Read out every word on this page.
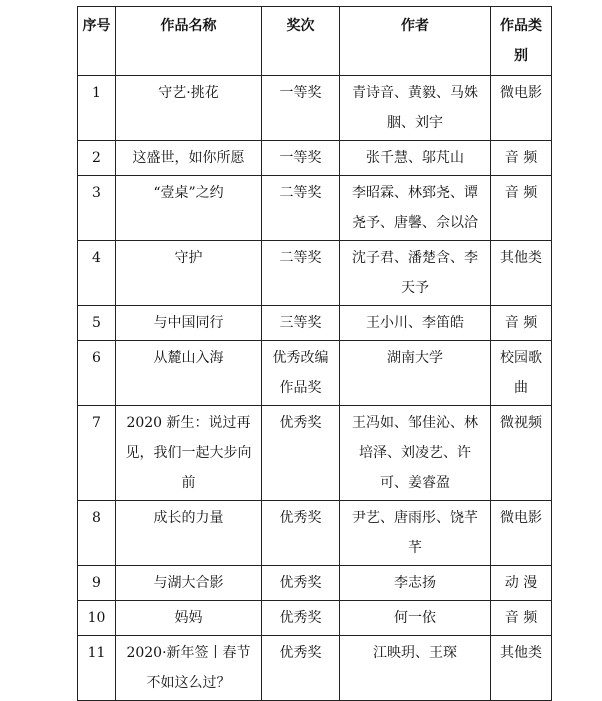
序号	作品名称	奖次	作者	作品类别

1	守艺·挑花	一等奖	青诗音、黄毅、马姝胭、刘宇	微电影

2	这盛世，如你所愿	一等奖	张千慧、邬芃山	音 频

3	“壹桌”之约	二等奖	李昭霖、林郅尧、谭尧予、唐馨、佘以洽	音 频

4	守护	二等奖	沈子君、潘楚含、李天予	其他类

5	与中国同行	三等奖	王小川、李笛皓	音 频

6	从麓山入海	优秀改编作品奖	湖南大学	校园歌曲

7	2020 新生：说过再见，我们一起大步向前	优秀奖	王冯如、邹佳沁、林培泽、刘凌艺、许可、姜睿盈	微视频

8	成长的力量	优秀奖	尹艺、唐雨彤、饶芊芊	微电影

9	与湖大合影	优秀奖	李志扬	动 漫

10	妈妈	优秀奖	何一依	音 频

11	2020·新年签丨春节不如这么过？	优秀奖	江映玥、王琛	其他类
